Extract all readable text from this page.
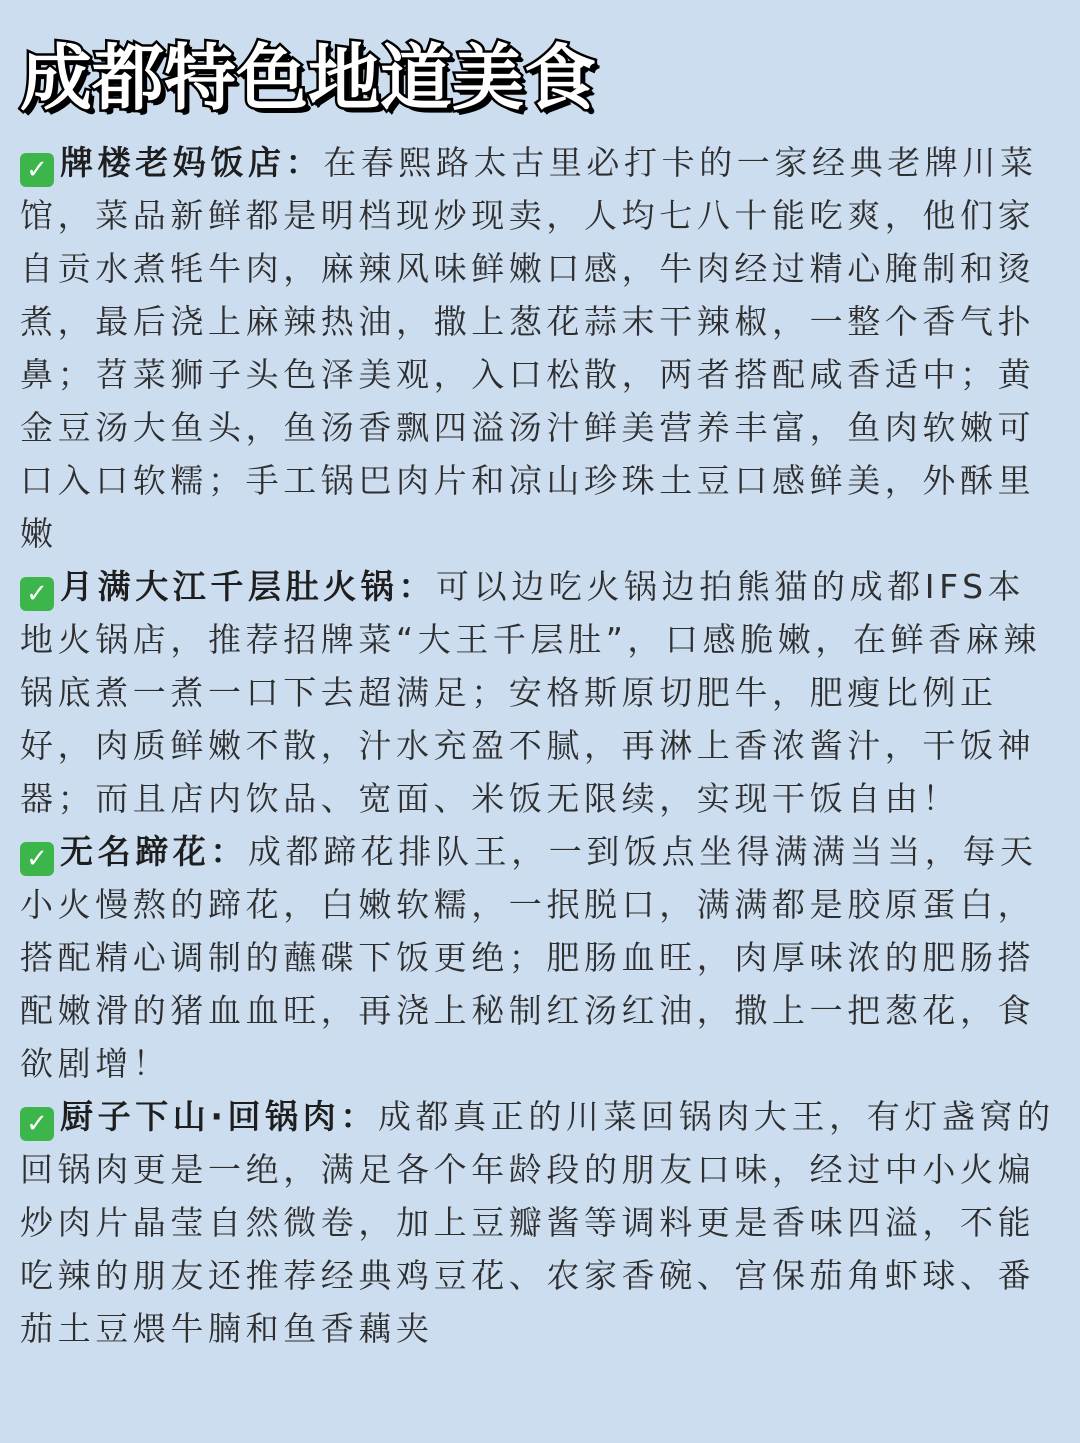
成都特色地道美食

✓ 牌楼老妈饭店：在春熙路太古里必打卡的一家经典老牌川菜馆，菜品新鲜都是明档现炒现卖，人均七八十能吃爽，他们家自贡水煮牦牛肉，麻辣风味鲜嫩口感，牛肉经过精心腌制和烫煮，最后浇上麻辣热油，撒上葱花蒜末干辣椒，一整个香气扑鼻；苕菜狮子头色泽美观，入口松散，两者搭配咸香适中；黄金豆汤大鱼头，鱼汤香飘四溢汤汁鲜美营养丰富，鱼肉软嫩可口入口软糯；手工锅巴肉片和凉山珍珠土豆口感鲜美，外酥里嫩

✓ 月满大江千层肚火锅：可以边吃火锅边拍熊猫的成都IFS本地火锅店，推荐招牌菜“大王千层肚”，口感脆嫩，在鲜香麻辣锅底煮一煮一口下去超满足；安格斯原切肥牛，肥瘦比例正好，肉质鲜嫩不散，汁水充盈不腻，再淋上香浓酱汁，干饭神器；而且店内饮品、宽面、米饭无限续，实现干饭自由！

✓ 无名蹄花：成都蹄花排队王，一到饭点坐得满满当当，每天小火慢熬的蹄花，白嫩软糯，一抿脱口，满满都是胶原蛋白，搭配精心调制的蘸碟下饭更绝；肥肠血旺，肉厚味浓的肥肠搭配嫩滑的猪血血旺，再浇上秘制红汤红油，撒上一把葱花，食欲剧增！

✓ 厨子下山·回锅肉：成都真正的川菜回锅肉大王，有灯盏窝的回锅肉更是一绝，满足各个年龄段的朋友口味，经过中小火煸炒肉片晶莹自然微卷，加上豆瓣酱等调料更是香味四溢，不能吃辣的朋友还推荐经典鸡豆花、农家香碗、宫保茄角虾球、番茄土豆煨牛腩和鱼香藕夹
